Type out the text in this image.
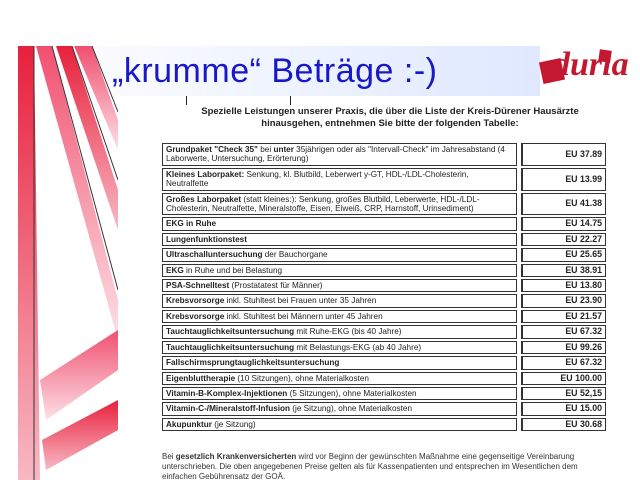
„krumme“ Beträge :-)	duria
Spezielle Leistungen unserer Praxis, die über die Liste der Kreis-Dürener Hausärzte
hinausgehen, entnehmen Sie bitte der folgenden Tabelle:
Grundpaket "Check 35" bei unter 35jährigen oder als "Intervall-Check" im Jahresabstand (4 Laborwerte, Untersuchung, Erörterung)		EU 37.89
Kleines Laborpaket: Senkung, kl. Blutbild, Leberwert y-GT, HDL-/LDL-Cholesterin, Neutralfette		EU 13.99
Großes Laborpaket (statt kleines:): Senkung, großes Blutbild, Leberwerte, HDL-/LDL-Cholesterin, Neutralfette, Mineralstoffe, Eisen, Eiweiß, CRP, Harnstoff, Urinsediment)		EU 41.38
EKG in Ruhe		EU 14.75
Lungenfunktionstest		EU 22.27
Ultraschalluntersuchung der Bauchorgane		EU 25.65
EKG in Ruhe und bei Belastung		EU 38.91
PSA-Schnelltest (Prostatatest für Männer)		EU 13.80
Krebsvorsorge inkl. Stuhltest bei Frauen unter 35 Jahren		EU 23.90
Krebsvorsorge inkl. Stuhltest bei Männern unter 45 Jahren		EU 21.57
Tauchtauglichkeitsuntersuchung mit Ruhe-EKG (bis 40 Jahre)		EU 67.32
Tauchtauglichkeitsuntersuchung mit Belastungs-EKG (ab 40 Jahre)		EU 99.26
Fallschirmsprungtauglichkeitsuntersuchung		EU 67.32
Eigenbluttherapie (10 Sitzungen), ohne Materialkosten		EU 100.00
Vitamin-B-Komplex-Injektionen (5 Sitzungen), ohne Materialkosten		EU 52,15
Vitamin-C-/Mineralstoff-Infusion (je Sitzung), ohne Materialkosten		EU 15.00
Akupunktur (je Sitzung)		EU 30.68
Bei gesetzlich Krankenversicherten wird vor Beginn der gewünschten Maßnahme eine gegenseitige Vereinbarung unterschrieben. Die oben angegebenen Preise gelten als für Kassenpatienten und entsprechen im Wesentlichen dem einfachen Gebührensatz der GOÄ.
